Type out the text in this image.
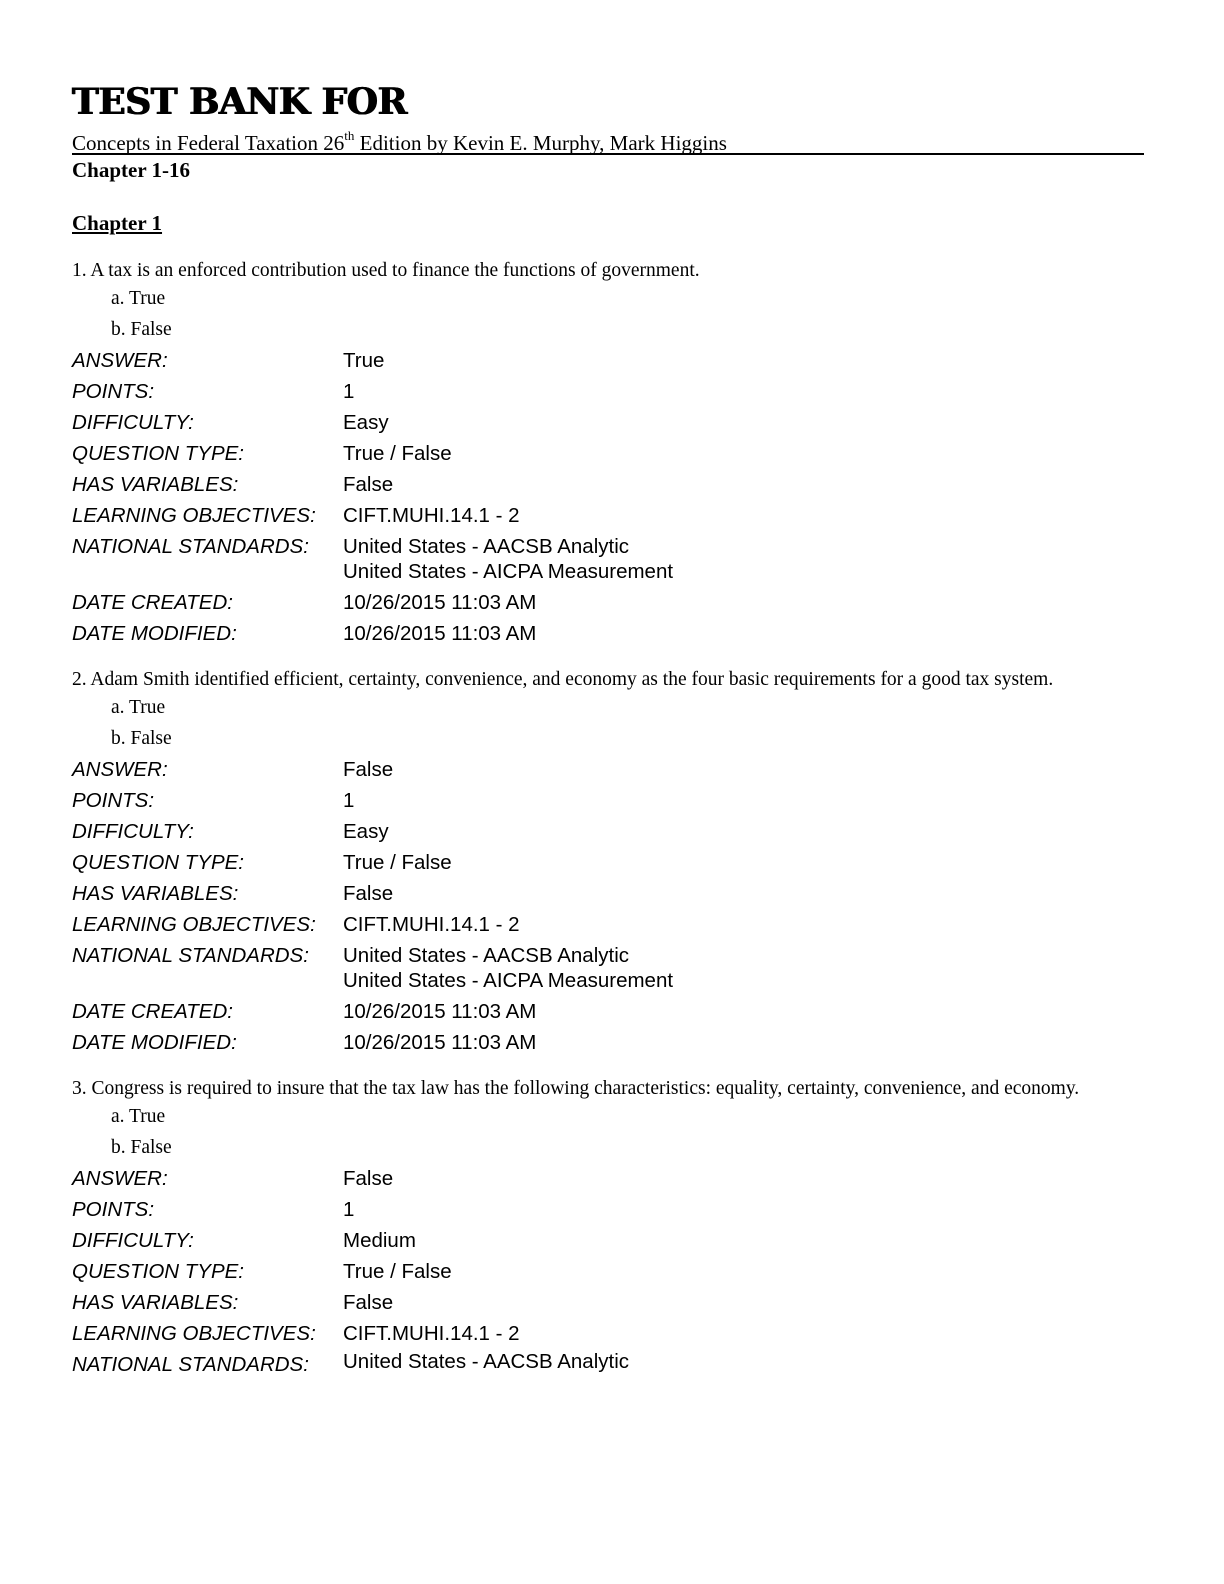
TEST BANK FOR
Concepts in Federal Taxation 26th Edition by Kevin E. Murphy, Mark Higgins
Chapter 1-16
Chapter 1
1. A tax is an enforced contribution used to finance the functions of government.
a. True
b. False
ANSWER:	True
POINTS:	1
DIFFICULTY:	Easy
QUESTION TYPE:	True / False
HAS VARIABLES:	False
LEARNING OBJECTIVES:	CIFT.MUHI.14.1 - 2
NATIONAL STANDARDS:	United States - AACSB Analytic
United States - AICPA Measurement
DATE CREATED:	10/26/2015 11:03 AM
DATE MODIFIED:	10/26/2015 11:03 AM
2. Adam Smith identified efficient, certainty, convenience, and economy as the four basic requirements for a good tax system.
a. True
b. False
ANSWER:	False
POINTS:	1
DIFFICULTY:	Easy
QUESTION TYPE:	True / False
HAS VARIABLES:	False
LEARNING OBJECTIVES:	CIFT.MUHI.14.1 - 2
NATIONAL STANDARDS:	United States - AACSB Analytic
United States - AICPA Measurement
DATE CREATED:	10/26/2015 11:03 AM
DATE MODIFIED:	10/26/2015 11:03 AM
3. Congress is required to insure that the tax law has the following characteristics: equality, certainty, convenience, and economy.
a. True
b. False
ANSWER:	False
POINTS:	1
DIFFICULTY:	Medium
QUESTION TYPE:	True / False
HAS VARIABLES:	False
LEARNING OBJECTIVES:	CIFT.MUHI.14.1 - 2
NATIONAL STANDARDS:	United States - AACSB Analytic
